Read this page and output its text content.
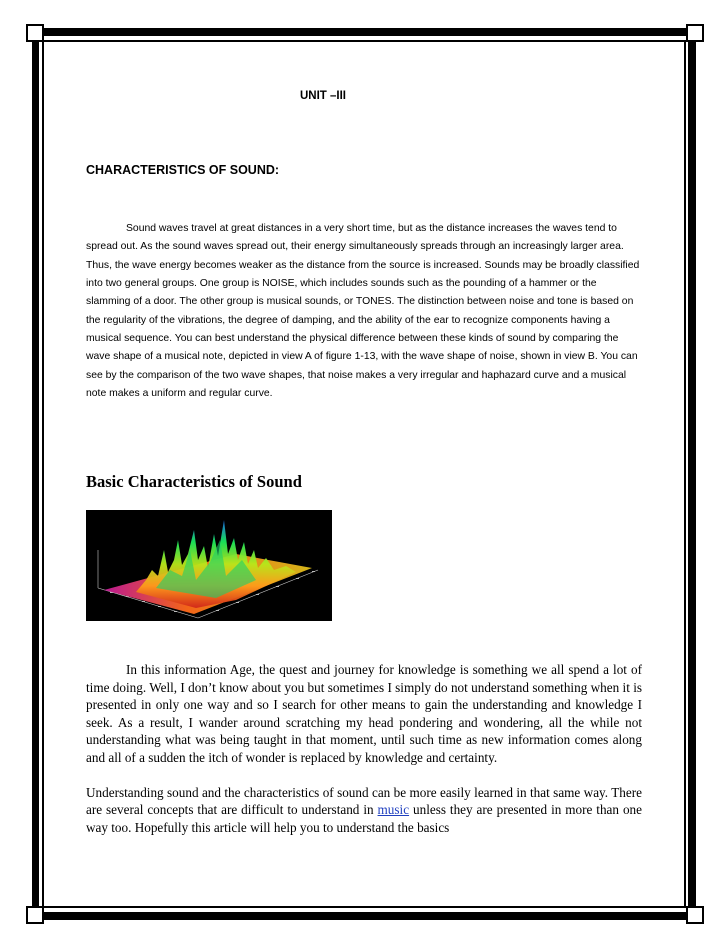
UNIT –III
CHARACTERISTICS OF SOUND:

Sound waves travel at great distances in a very short time, but as the distance increases the waves tend to spread out. As the sound waves spread out, their energy simultaneously spreads through an increasingly larger area. Thus, the wave energy becomes weaker as the distance from the source is increased. Sounds may be broadly classified into two general groups. One group is NOISE, which includes sounds such as the pounding of a hammer or the slamming of a door. The other group is musical sounds, or TONES. The distinction between noise and tone is based on the regularity of the vibrations, the degree of damping, and the ability of the ear to recognize components having a musical sequence. You can best understand the physical difference between these kinds of sound by comparing the wave shape of a musical note, depicted in view A of figure 1-13, with the wave shape of noise, shown in view B. You can see by the comparison of the two wave shapes, that noise makes a very irregular and haphazard curve and a musical note makes a uniform and regular curve.

Basic Characteristics of Sound

In this information Age, the quest and journey for knowledge is something we all spend a lot of time doing. Well, I don’t know about you but sometimes I simply do not understand something when it is presented in only one way and so I search for other means to gain the understanding and knowledge I seek. As a result, I wander around scratching my head pondering and wondering, all the while not understanding what was being taught in that moment, until such time as new information comes along and all of a sudden the itch of wonder is replaced by knowledge and certainty.

Understanding sound and the characteristics of sound can be more easily learned in that same way. There are several concepts that are difficult to understand in music unless they are presented in more than one way too. Hopefully this article will help you to understand the basics
